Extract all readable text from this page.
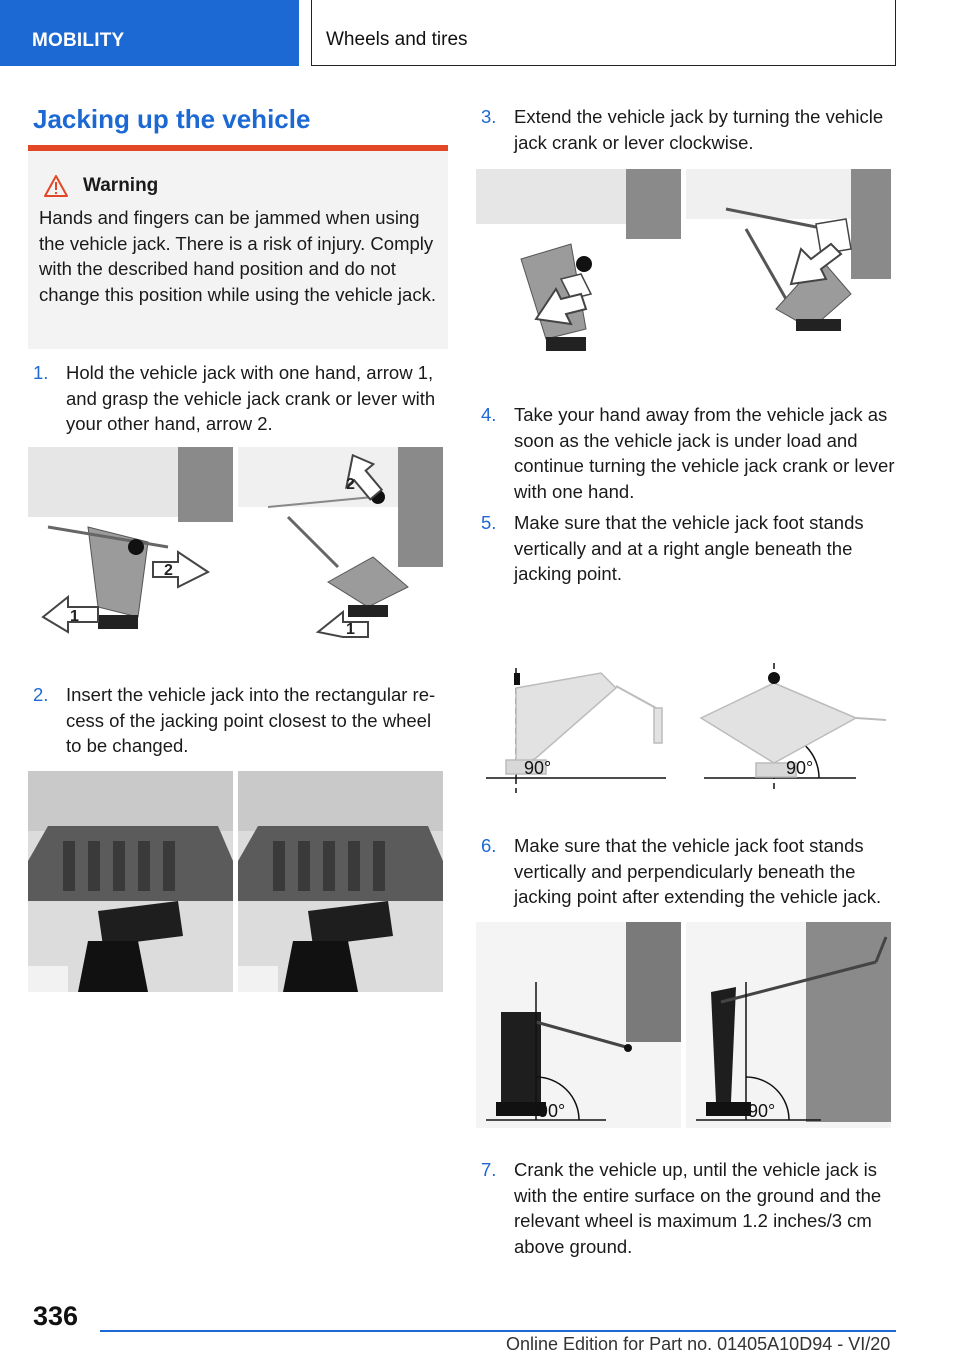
MOBILITY	Wheels and tires
Jacking up the vehicle
Warning
Hands and fingers can be jammed when using the vehicle jack. There is a risk of injury. Comply with the described hand position and do not change this position while using the vehicle jack.
1. Hold the vehicle jack with one hand, arrow 1, and grasp the vehicle jack crank or lever with your other hand, arrow 2.
1
2
2
1
2. Insert the vehicle jack into the rectangular recess of the jacking point closest to the wheel to be changed.
3. Extend the vehicle jack by turning the vehicle jack crank or lever clockwise.
4. Take your hand away from the vehicle jack as soon as the vehicle jack is under load and continue turning the vehicle jack crank or lever with one hand.
5. Make sure that the vehicle jack foot stands vertically and at a right angle beneath the jacking point.
90°	90°
6. Make sure that the vehicle jack foot stands vertically and perpendicularly beneath the jacking point after extending the vehicle jack.
90°	90°
7. Crank the vehicle up, until the vehicle jack is with the entire surface on the ground and the relevant wheel is maximum 1.2 inches/3 cm above ground.
336
Online Edition for Part no. 01405A10D94 - VI/20
